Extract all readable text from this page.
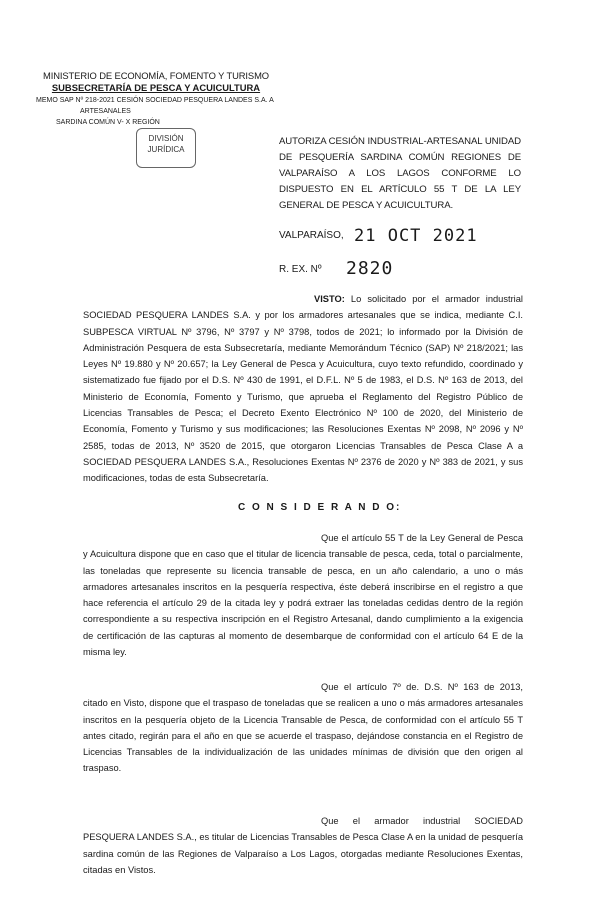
MINISTERIO DE ECONOMÍA, FOMENTO Y TURISMO
SUBSECRETARÍA DE PESCA Y ACUICULTURA
MEMO SAP Nº 218-2021 CESIÓN SOCIEDAD PESQUERA LANDES S.A. A
ARTESANALES
SARDINA COMÚN V- X REGIÓN
DIVISIÓN JURÍDICA
AUTORIZA CESIÓN INDUSTRIAL-ARTESANAL UNIDAD DE PESQUERÍA SARDINA COMÚN REGIONES DE VALPARAÍSO A LOS LAGOS CONFORME LO DISPUESTO EN EL ARTÍCULO 55 T DE LA LEY GENERAL DE PESCA Y ACUICULTURA.
VALPARAÍSO, 21 OCT 2021
R. EX. Nº 2820
VISTO: Lo solicitado por el armador industrial SOCIEDAD PESQUERA LANDES S.A. y por los armadores artesanales que se indica, mediante C.I. SUBPESCA VIRTUAL Nº 3796, Nº 3797 y Nº 3798, todos de 2021; lo informado por la División de Administración Pesquera de esta Subsecretaría, mediante Memorándum Técnico (SAP) Nº 218/2021; las Leyes Nº 19.880 y Nº 20.657; la Ley General de Pesca y Acuicultura, cuyo texto refundido, coordinado y sistematizado fue fijado por el D.S. Nº 430 de 1991, el D.F.L. Nº 5 de 1983, el D.S. Nº 163 de 2013, del Ministerio de Economía, Fomento y Turismo, que aprueba el Reglamento del Registro Público de Licencias Transables de Pesca; el Decreto Exento Electrónico Nº 100 de 2020, del Ministerio de Economía, Fomento y Turismo y sus modificaciones; las Resoluciones Exentas Nº 2098, Nº 2096 y Nº 2585, todas de 2013, Nº 3520 de 2015, que otorgaron Licencias Transables de Pesca Clase A a SOCIEDAD PESQUERA LANDES S.A., Resoluciones Exentas Nº 2376 de 2020 y Nº 383 de 2021, y sus modificaciones, todas de esta Subsecretaría.
C O N S I D E R A N D O:
Que el artículo 55 T de la Ley General de Pesca y Acuicultura dispone que en caso que el titular de licencia transable de pesca, ceda, total o parcialmente, las toneladas que represente su licencia transable de pesca, en un año calendario, a uno o más armadores artesanales inscritos en la pesquería respectiva, éste deberá inscribirse en el registro a que hace referencia el artículo 29 de la citada ley y podrá extraer las toneladas cedidas dentro de la región correspondiente a su respectiva inscripción en el Registro Artesanal, dando cumplimiento a la exigencia de certificación de las capturas al momento de desembarque de conformidad con el artículo 64 E de la misma ley.
Que el artículo 7º de. D.S. Nº 163 de 2013, citado en Visto, dispone que el traspaso de toneladas que se realicen a uno o más armadores artesanales inscritos en la pesquería objeto de la Licencia Transable de Pesca, de conformidad con el artículo 55 T antes citado, regirán para el año en que se acuerde el traspaso, dejándose constancia en el Registro de Licencias Transables de la individualización de las unidades mínimas de división que den origen al traspaso.
Que el armador industrial SOCIEDAD PESQUERA LANDES S.A., es titular de Licencias Transables de Pesca Clase A en la unidad de pesquería sardina común de las Regiones de Valparaíso a Los Lagos, otorgadas mediante Resoluciones Exentas, citadas en Vistos.
